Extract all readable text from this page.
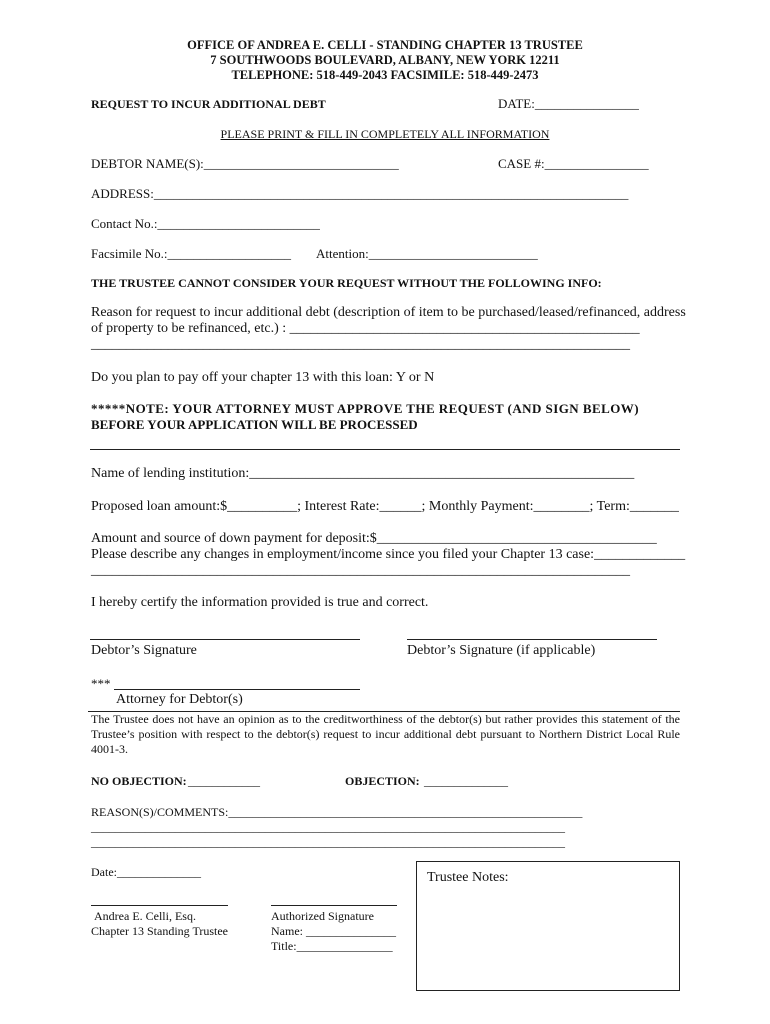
OFFICE OF ANDREA E. CELLI - STANDING CHAPTER 13 TRUSTEE
7 SOUTHWOODS BOULEVARD, ALBANY, NEW YORK 12211
TELEPHONE: 518-449-2043 FACSIMILE: 518-449-2473
REQUEST TO INCUR ADDITIONAL DEBT	DATE:________________
PLEASE PRINT & FILL IN COMPLETELY ALL INFORMATION
DEBTOR NAME(S):______________________________	CASE #:________________
ADDRESS:_________________________________________________________________________
Contact No.:_________________________
Facsimile No.:___________________ Attention:__________________________
THE TRUSTEE CANNOT CONSIDER YOUR REQUEST WITHOUT THE FOLLOWING INFO:
Reason for request to incur additional debt (description of item to be purchased/leased/refinanced, address
of property to be refinanced, etc.) : __________________________________________________
_____________________________________________________________________________
Do you plan to pay off your chapter 13 with this loan: Y or N
*****NOTE: YOUR ATTORNEY MUST APPROVE THE REQUEST (AND SIGN BELOW)
BEFORE YOUR APPLICATION WILL BE PROCESSED
Name of lending institution:_______________________________________________________
Proposed loan amount:$__________; Interest Rate:______; Monthly Payment:________; Term:_______
Amount and source of down payment for deposit:$________________________________________
Please describe any changes in employment/income since you filed your Chapter 13 case:_____________
_____________________________________________________________________________
I hereby certify the information provided is true and correct.
Debtor’s Signature	Debtor’s Signature (if applicable)
***
Attorney for Debtor(s)
The Trustee does not have an opinion as to the creditworthiness of the debtor(s) but rather provides this statement of the Trustee’s position with respect to the debtor(s) request to incur additional debt pursuant to Northern District Local Rule 4001-3.
NO OBJECTION: ____________	OBJECTION: ______________
REASON(S)/COMMENTS:___________________________________________________________
_______________________________________________________________________________
_______________________________________________________________________________
Date:______________
Andrea E. Celli, Esq.
Chapter 13 Standing Trustee
Authorized Signature
Name: _______________
Title:________________
Trustee Notes:
